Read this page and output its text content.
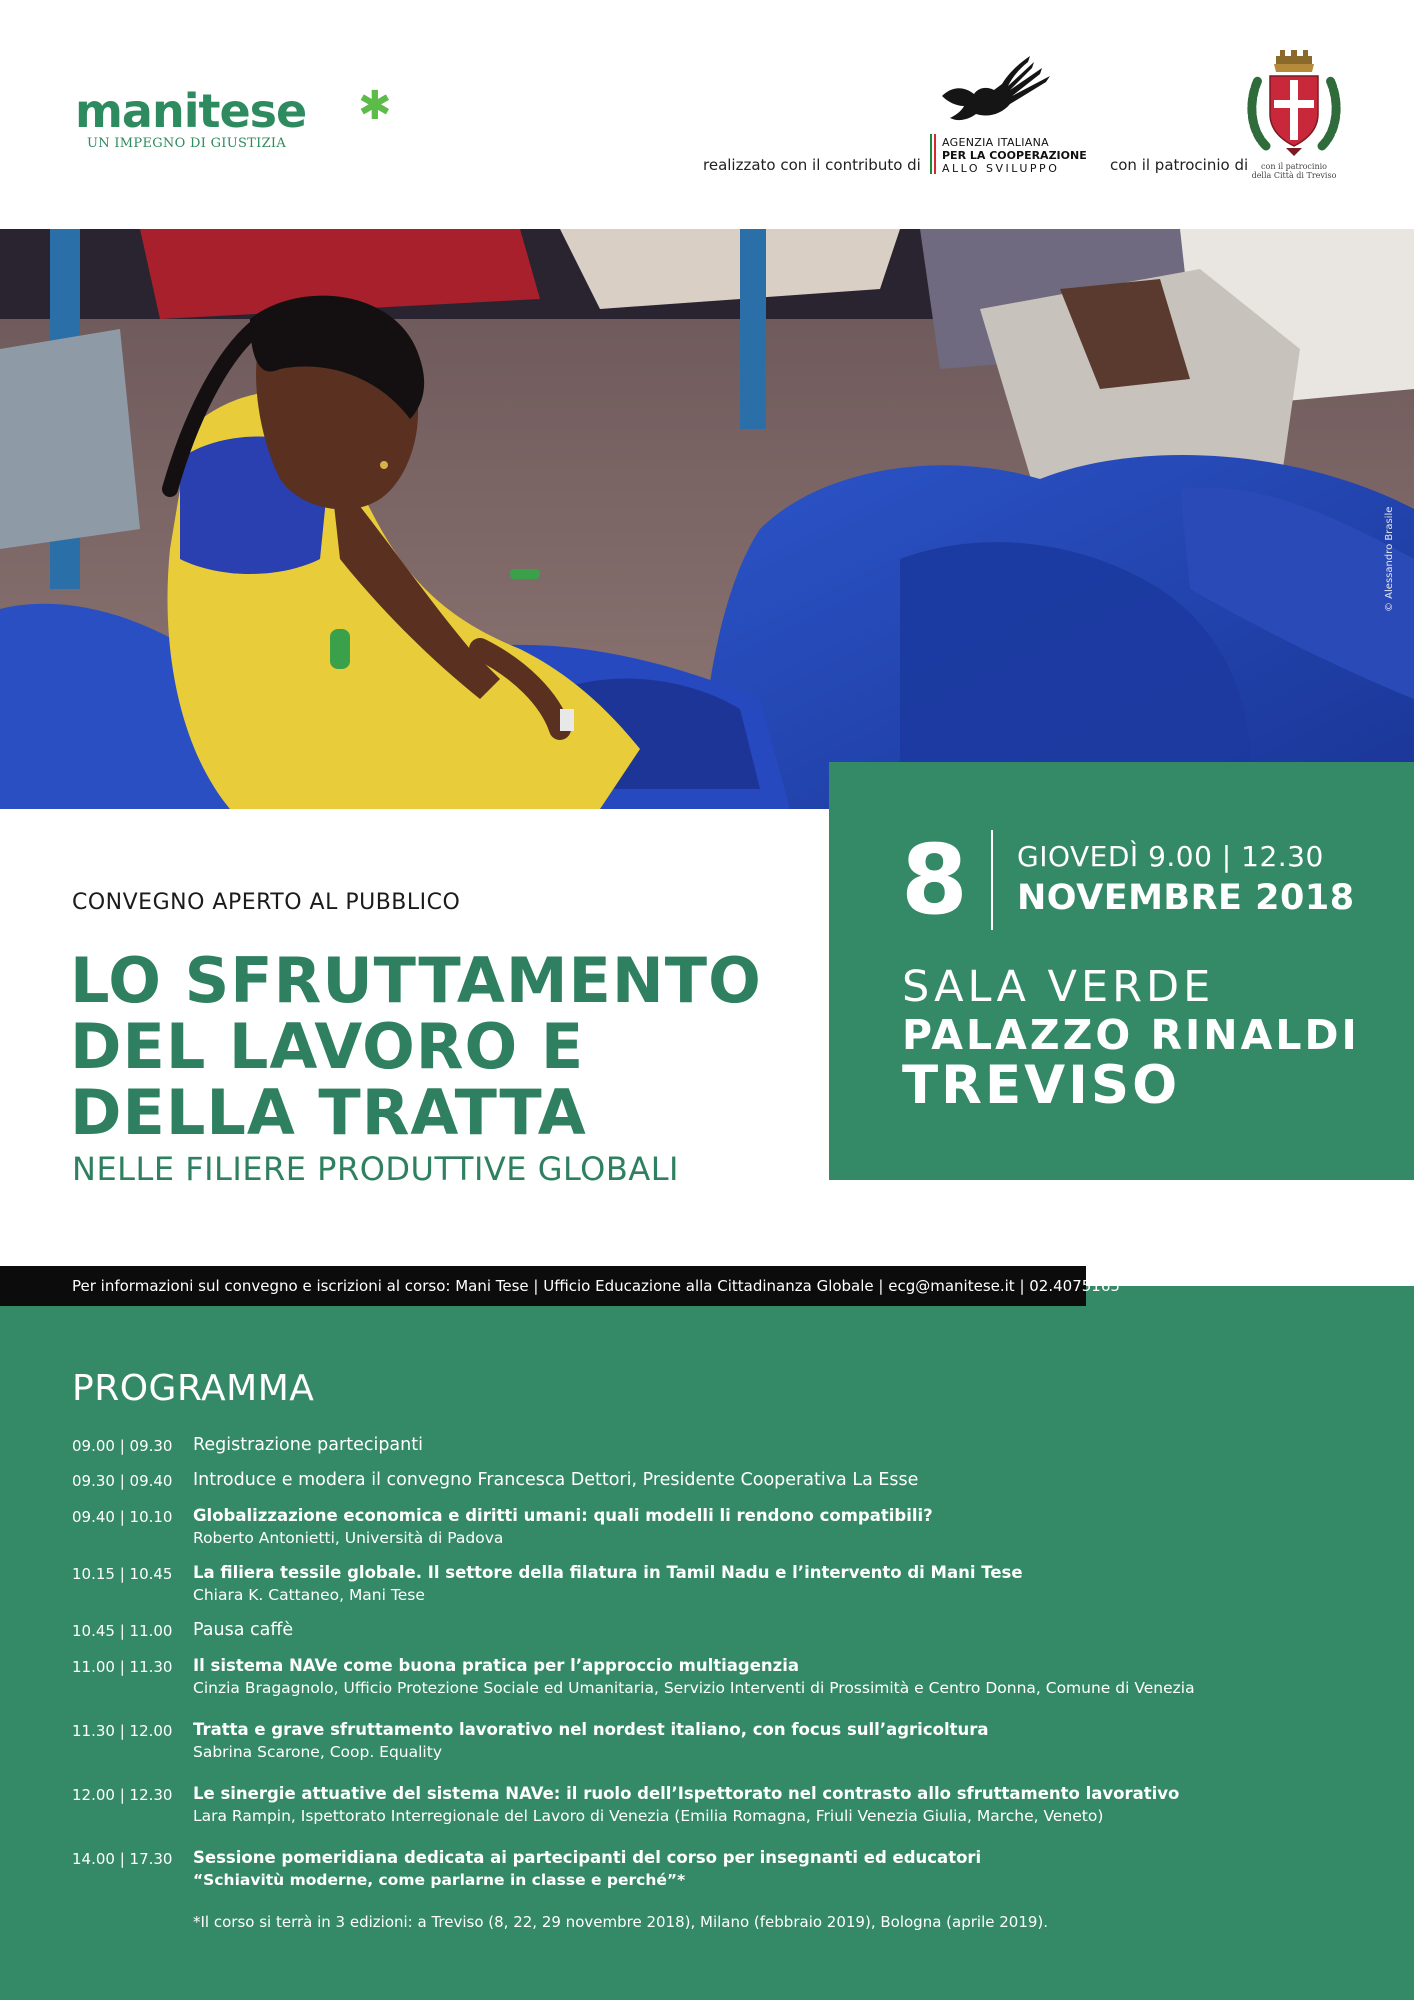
manitese ✱
UN IMPEGNO DI GIUSTIZIA
realizzato con il contributo di
AGENZIA ITALIANA
PER LA COOPERAZIONE
ALLO SVILUPPO	con il patrocinio di	con il patrocinio
della Città di Treviso
© Alessandro Brasile
8 GIOVEDÌ 9.00 | 12.30
NOVEMBRE 2018
SALA VERDE
PALAZZO RINALDI
TREVISO
CONVEGNO APERTO AL PUBBLICO
LO SFRUTTAMENTO
DEL LAVORO E
DELLA TRATTA
NELLE FILIERE PRODUTTIVE GLOBALI
Per informazioni sul convegno e iscrizioni al corso: Mani Tese | Ufficio Educazione alla Cittadinanza Globale | ecg@manitese.it | 02.4075165
PROGRAMMA
09.00 | 09.30 Registrazione partecipanti
09.30 | 09.40 Introduce e modera il convegno Francesca Dettori, Presidente Cooperativa La Esse
09.40 | 10.10 Globalizzazione economica e diritti umani: quali modelli li rendono compatibili?
Roberto Antonietti, Università di Padova
10.15 | 10.45 La filiera tessile globale. Il settore della filatura in Tamil Nadu e l’intervento di Mani Tese
Chiara K. Cattaneo, Mani Tese
10.45 | 11.00 Pausa caffè
11.00 | 11.30 Il sistema NAVe come buona pratica per l’approccio multiagenzia
Cinzia Bragagnolo, Ufficio Protezione Sociale ed Umanitaria, Servizio Interventi di Prossimità e Centro Donna, Comune di Venezia
11.30 | 12.00 Tratta e grave sfruttamento lavorativo nel nordest italiano, con focus sull’agricoltura
Sabrina Scarone, Coop. Equality
12.00 | 12.30 Le sinergie attuative del sistema NAVe: il ruolo dell’Ispettorato nel contrasto allo sfruttamento lavorativo
Lara Rampin, Ispettorato Interregionale del Lavoro di Venezia (Emilia Romagna, Friuli Venezia Giulia, Marche, Veneto)
14.00 | 17.30 Sessione pomeridiana dedicata ai partecipanti del corso per insegnanti ed educatori
“Schiavitù moderne, come parlarne in classe e perché”*
*Il corso si terrà in 3 edizioni: a Treviso (8, 22, 29 novembre 2018), Milano (febbraio 2019), Bologna (aprile 2019).
